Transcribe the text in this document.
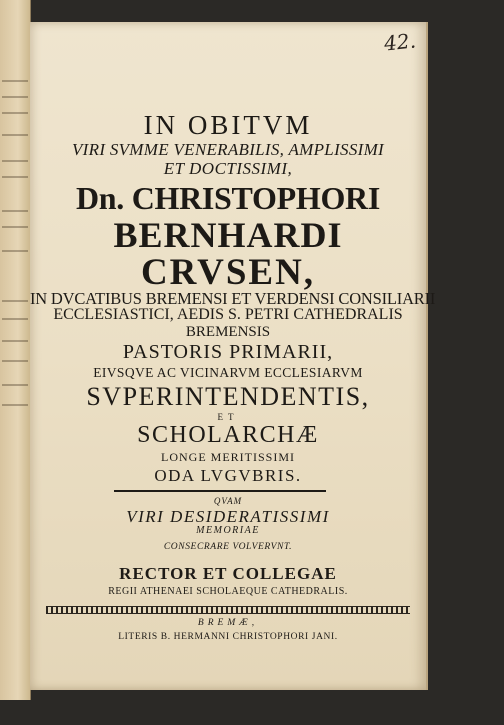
42.
IN OBITVM
VIRI SVMME VENERABILIS, AMPLISSIMI
ET DOCTISSIMI,
Dn. CHRISTOPHORI
BERNHARDI
CRVSEN,
IN DVCATIBUS BREMENSI ET VERDENSI CONSILIARII
ECCLESIASTICI, AEDIS S. PETRI CATHEDRALIS
BREMENSIS
PASTORIS PRIMARII,
EIVSQVE AC VICINARVM ECCLESIARVM
SVPERINTENDENTIS,
ET
SCHOLARCHÆ
LONGE MERITISSIMI
ODA LVGVBRIS.
QVAM
VIRI DESIDERATISSIMI
MEMORIAE
CONSECRARE VOLVERVNT.
RECTOR ET COLLEGAE
REGII ATHENAEI SCHOLAEQUE CATHEDRALIS.
BREMÆ,
LITERIS B. HERMANNI CHRISTOPHORI JANI.
